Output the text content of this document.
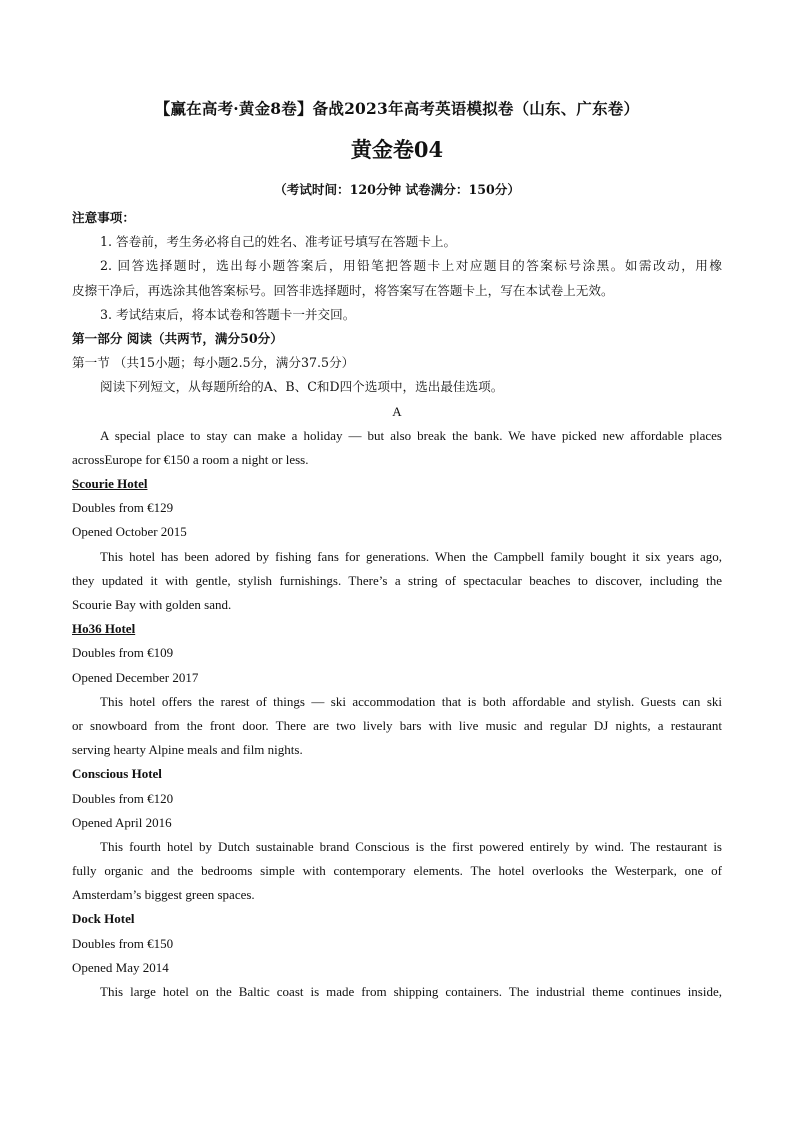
【赢在高考·黄金8卷】备战2023年高考英语模拟卷（山东、广东卷）
黄金卷04
（考试时间：120分钟 试卷满分：150分）
注意事项：
1. 答卷前，考生务必将自己的姓名、准考证号填写在答题卡上。
2. 回答选择题时，选出每小题答案后，用铅笔把答题卡上对应题目的答案标号涂黑。如需改动，用橡
皮擦干净后，再选涂其他答案标号。回答非选择题时，将答案写在答题卡上，写在本试卷上无效。
3. 考试结束后，将本试卷和答题卡一并交回。
第一部分 阅读（共两节，满分50分）
第一节 （共15小题；每小题2.5分，满分37.5分）
阅读下列短文，从每题所给的A、B、C和D四个选项中，选出最佳选项。
A
A special place to stay can make a holiday — but also break the bank. We have picked new affordable places
acrossEurope for €150 a room a night or less.
Scourie Hotel
Doubles from €129
Opened October 2015
This hotel has been adored by fishing fans for generations. When the Campbell family bought it six years ago,
they updated it with gentle, stylish furnishings. There’s a string of spectacular beaches to discover, including the
Scourie Bay with golden sand.
Ho36 Hotel
Doubles from €109
Opened December 2017
This hotel offers the rarest of things — ski accommodation that is both affordable and stylish. Guests can ski
or snowboard from the front door. There are two lively bars with live music and regular DJ nights, a restaurant
serving hearty Alpine meals and film nights.
Conscious Hotel
Doubles from €120
Opened April 2016
This fourth hotel by Dutch sustainable brand Conscious is the first powered entirely by wind. The restaurant is
fully organic and the bedrooms simple with contemporary elements. The hotel overlooks the Westerpark, one of
Amsterdam’s biggest green spaces.
Dock Hotel
Doubles from €150
Opened May 2014
This large hotel on the Baltic coast is made from shipping containers. The industrial theme continues inside,
